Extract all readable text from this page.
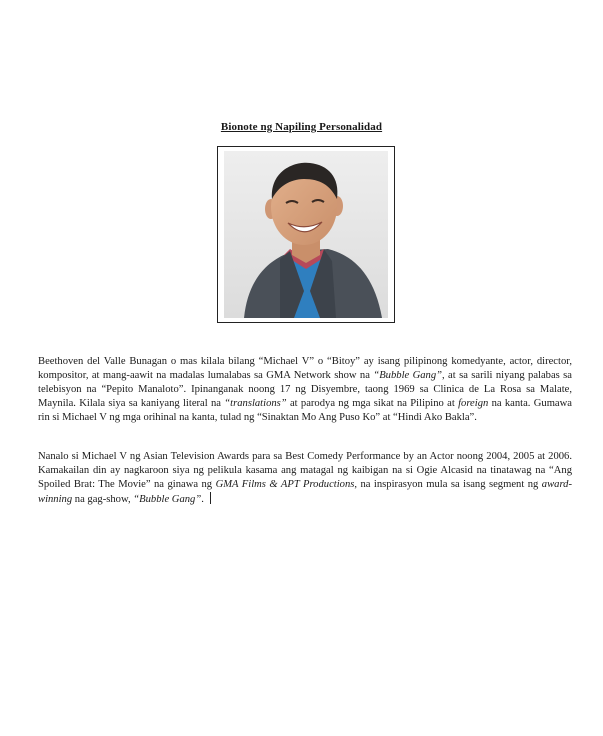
Bionote ng Napiling Personalidad

Beethoven del Valle Bunagan o mas kilala bilang “Michael V” o “Bitoy” ay isang pilipinong komedyante, actor, director, kompositor, at mang-aawit na madalas lumalabas sa GMA Network show na “Bubble Gang”, at sa sarili niyang palabas sa telebisyon na “Pepito Manaloto”. Ipinanganak noong 17 ng Disyembre, taong 1969 sa Clinica de La Rosa sa Malate, Maynila. Kilala siya sa kaniyang literal na “translations” at parodya ng mga sikat na Pilipino at foreign na kanta. Gumawa rin si Michael V ng mga orihinal na kanta, tulad ng “Sinaktan Mo Ang Puso Ko” at “Hindi Ako Bakla”.

Nanalo si Michael V ng Asian Television Awards para sa Best Comedy Performance by an Actor noong 2004, 2005 at 2006. Kamakailan din ay nagkaroon siya ng pelikula kasama ang matagal ng kaibigan na si Ogie Alcasid na tinatawag na “Ang Spoiled Brat: The Movie” na ginawa ng GMA Films & APT Productions, na inspirasyon mula sa isang segment ng award-winning na gag-show, “Bubble Gang”.
